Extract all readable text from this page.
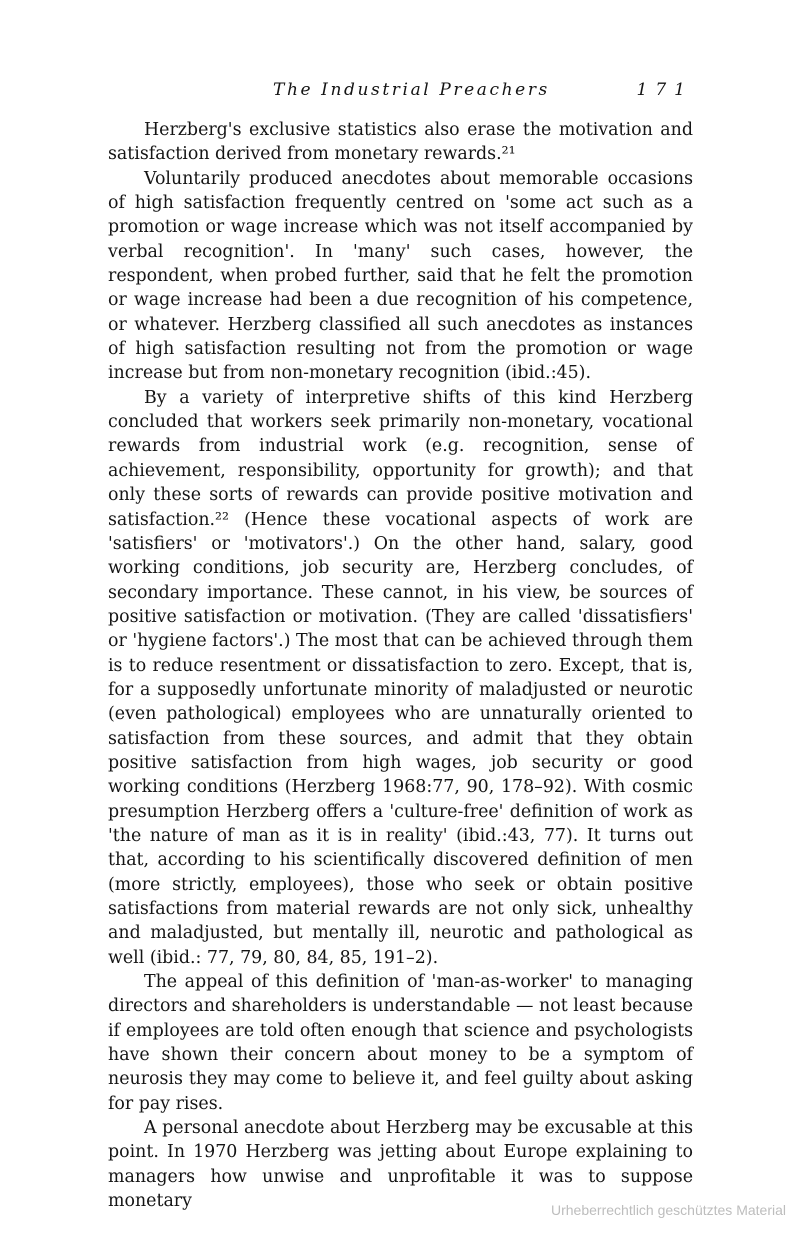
The Industrial Preachers	171

Herzberg's exclusive statistics also erase the motivation and satisfaction derived from monetary rewards.²¹

Voluntarily produced anecdotes about memorable occasions of high satisfaction frequently centred on 'some act such as a promotion or wage increase which was not itself accompanied by verbal recognition'. In 'many' such cases, however, the respondent, when probed further, said that he felt the promotion or wage increase had been a due recognition of his competence, or whatever. Herzberg classified all such anecdotes as instances of high satisfaction resulting not from the promotion or wage increase but from non-monetary recognition (ibid.:45).

By a variety of interpretive shifts of this kind Herzberg concluded that workers seek primarily non-monetary, vocational rewards from industrial work (e.g. recognition, sense of achievement, responsibility, opportunity for growth); and that only these sorts of rewards can provide positive motivation and satisfaction.²² (Hence these vocational aspects of work are 'satisfiers' or 'motivators'.) On the other hand, salary, good working conditions, job security are, Herzberg concludes, of secondary importance. These cannot, in his view, be sources of positive satisfaction or motivation. (They are called 'dissatisfiers' or 'hygiene factors'.) The most that can be achieved through them is to reduce resentment or dissatisfaction to zero. Except, that is, for a supposedly unfortunate minority of maladjusted or neurotic (even pathological) employees who are unnaturally oriented to satisfaction from these sources, and admit that they obtain positive satisfaction from high wages, job security or good working conditions (Herzberg 1968:77, 90, 178–92). With cosmic presumption Herzberg offers a 'culture-free' definition of work as 'the nature of man as it is in reality' (ibid.:43, 77). It turns out that, according to his scientifically discovered definition of men (more strictly, employees), those who seek or obtain positive satisfactions from material rewards are not only sick, unhealthy and maladjusted, but mentally ill, neurotic and pathological as well (ibid.: 77, 79, 80, 84, 85, 191–2).

The appeal of this definition of 'man-as-worker' to managing directors and shareholders is understandable — not least because if employees are told often enough that science and psychologists have shown their concern about money to be a symptom of neurosis they may come to believe it, and feel guilty about asking for pay rises.

A personal anecdote about Herzberg may be excusable at this point. In 1970 Herzberg was jetting about Europe explaining to managers how unwise and unprofitable it was to suppose monetary	Urheberrechtlich geschütztes Material
